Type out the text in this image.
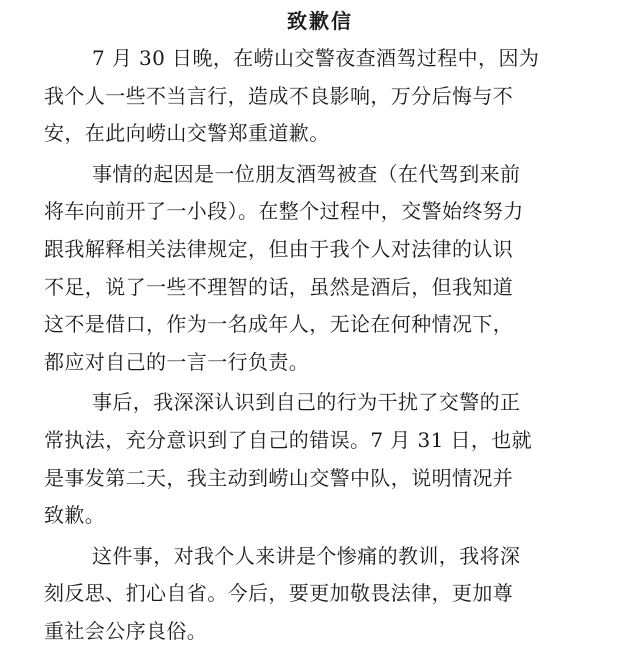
致歉信
7 月 30 日晚，在崂山交警夜查酒驾过程中，因为
我个人一些不当言行，造成不良影响，万分后悔与不
安，在此向崂山交警郑重道歉。
事情的起因是一位朋友酒驾被查（在代驾到来前
将车向前开了一小段）。在整个过程中，交警始终努力
跟我解释相关法律规定，但由于我个人对法律的认识
不足，说了一些不理智的话，虽然是酒后，但我知道
这不是借口，作为一名成年人，无论在何种情况下，
都应对自己的一言一行负责。
事后，我深深认识到自己的行为干扰了交警的正
常执法，充分意识到了自己的错误。7 月 31 日，也就
是事发第二天，我主动到崂山交警中队，说明情况并
致歉。
这件事，对我个人来讲是个惨痛的教训，我将深
刻反思、扪心自省。今后，要更加敬畏法律，更加尊
重社会公序良俗。
